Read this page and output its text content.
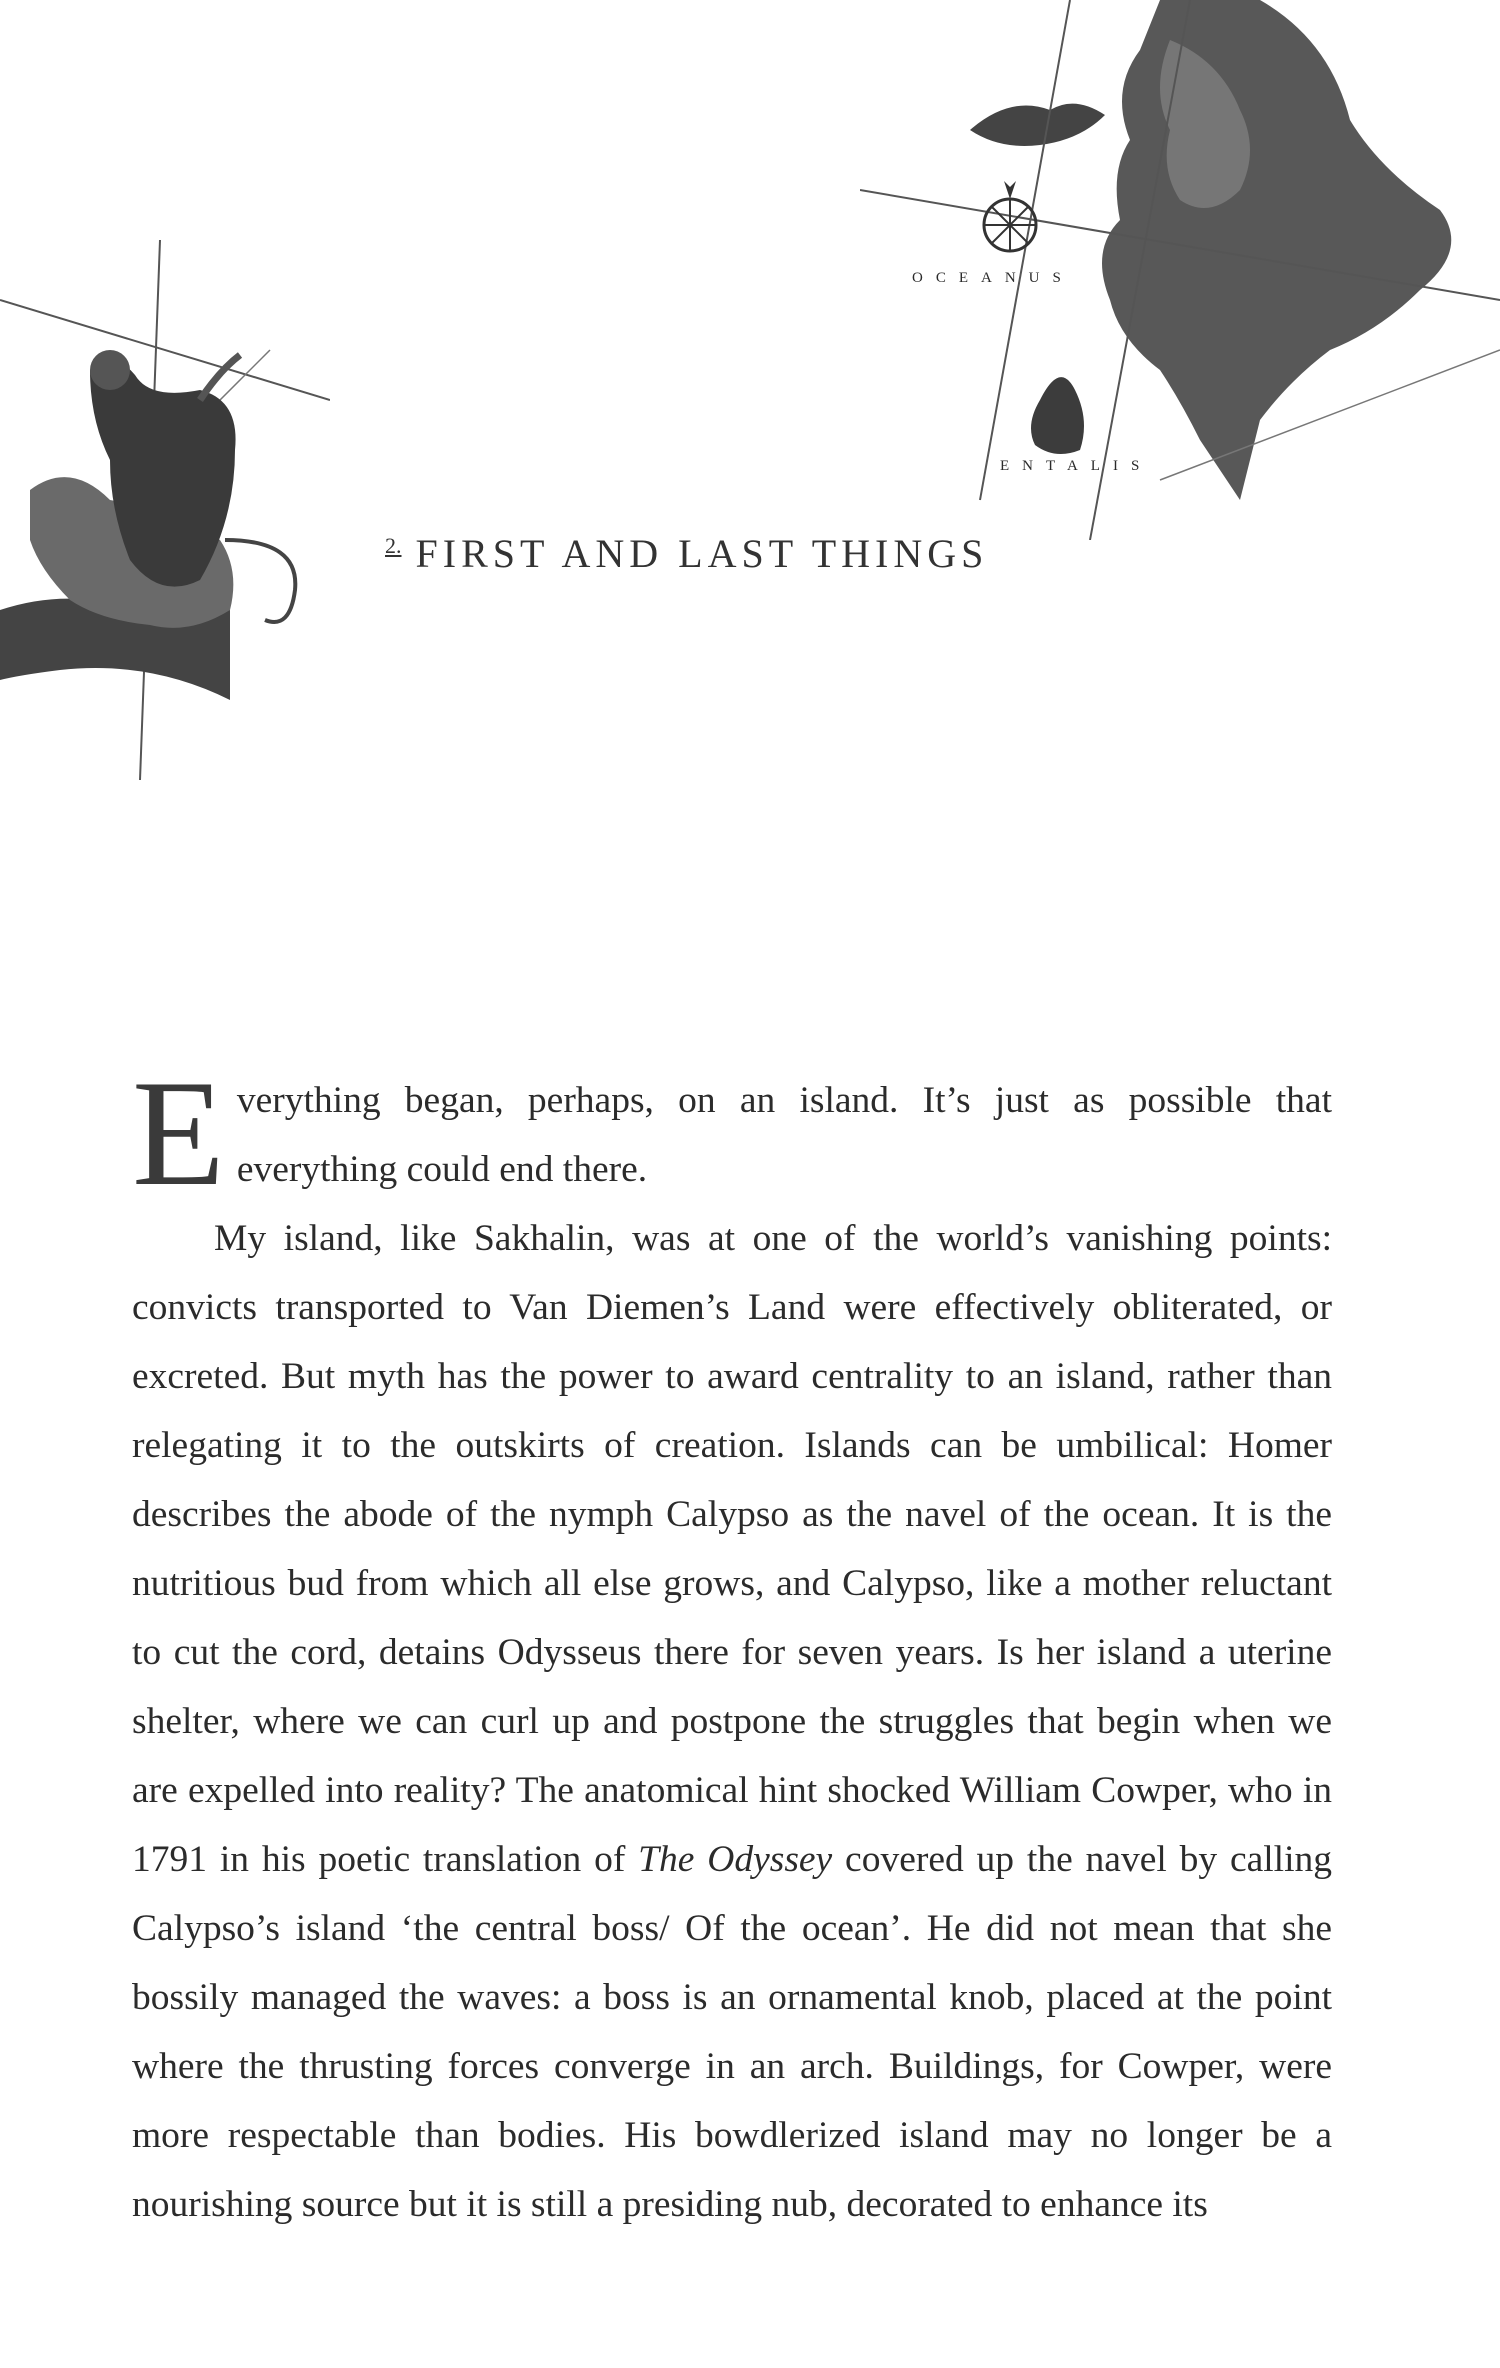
OCEANUS
ENTALIS
$^{2.}$ FIRST AND LAST THINGS

Everything began, perhaps, on an island. It’s just as possible that everything could end there.

My island, like Sakhalin, was at one of the world’s vanishing points: convicts transported to Van Diemen’s Land were effectively obliterated, or excreted. But myth has the power to award centrality to an island, rather than relegating it to the outskirts of creation. Islands can be umbilical: Homer describes the abode of the nymph Calypso as the navel of the ocean. It is the nutritious bud from which all else grows, and Calypso, like a mother reluctant to cut the cord, detains Odysseus there for seven years. Is her island a uterine shelter, where we can curl up and postpone the struggles that begin when we are expelled into reality? The anatomical hint shocked William Cowper, who in 1791 in his poetic translation of The Odyssey covered up the navel by calling Calypso’s island ‘the central boss/ Of the ocean’. He did not mean that she bossily managed the waves: a boss is an ornamental knob, placed at the point where the thrusting forces converge in an arch. Buildings, for Cowper, were more respectable than bodies. His bowdlerized island may no longer be a nourishing source but it is still a presiding nub, decorated to enhance its
